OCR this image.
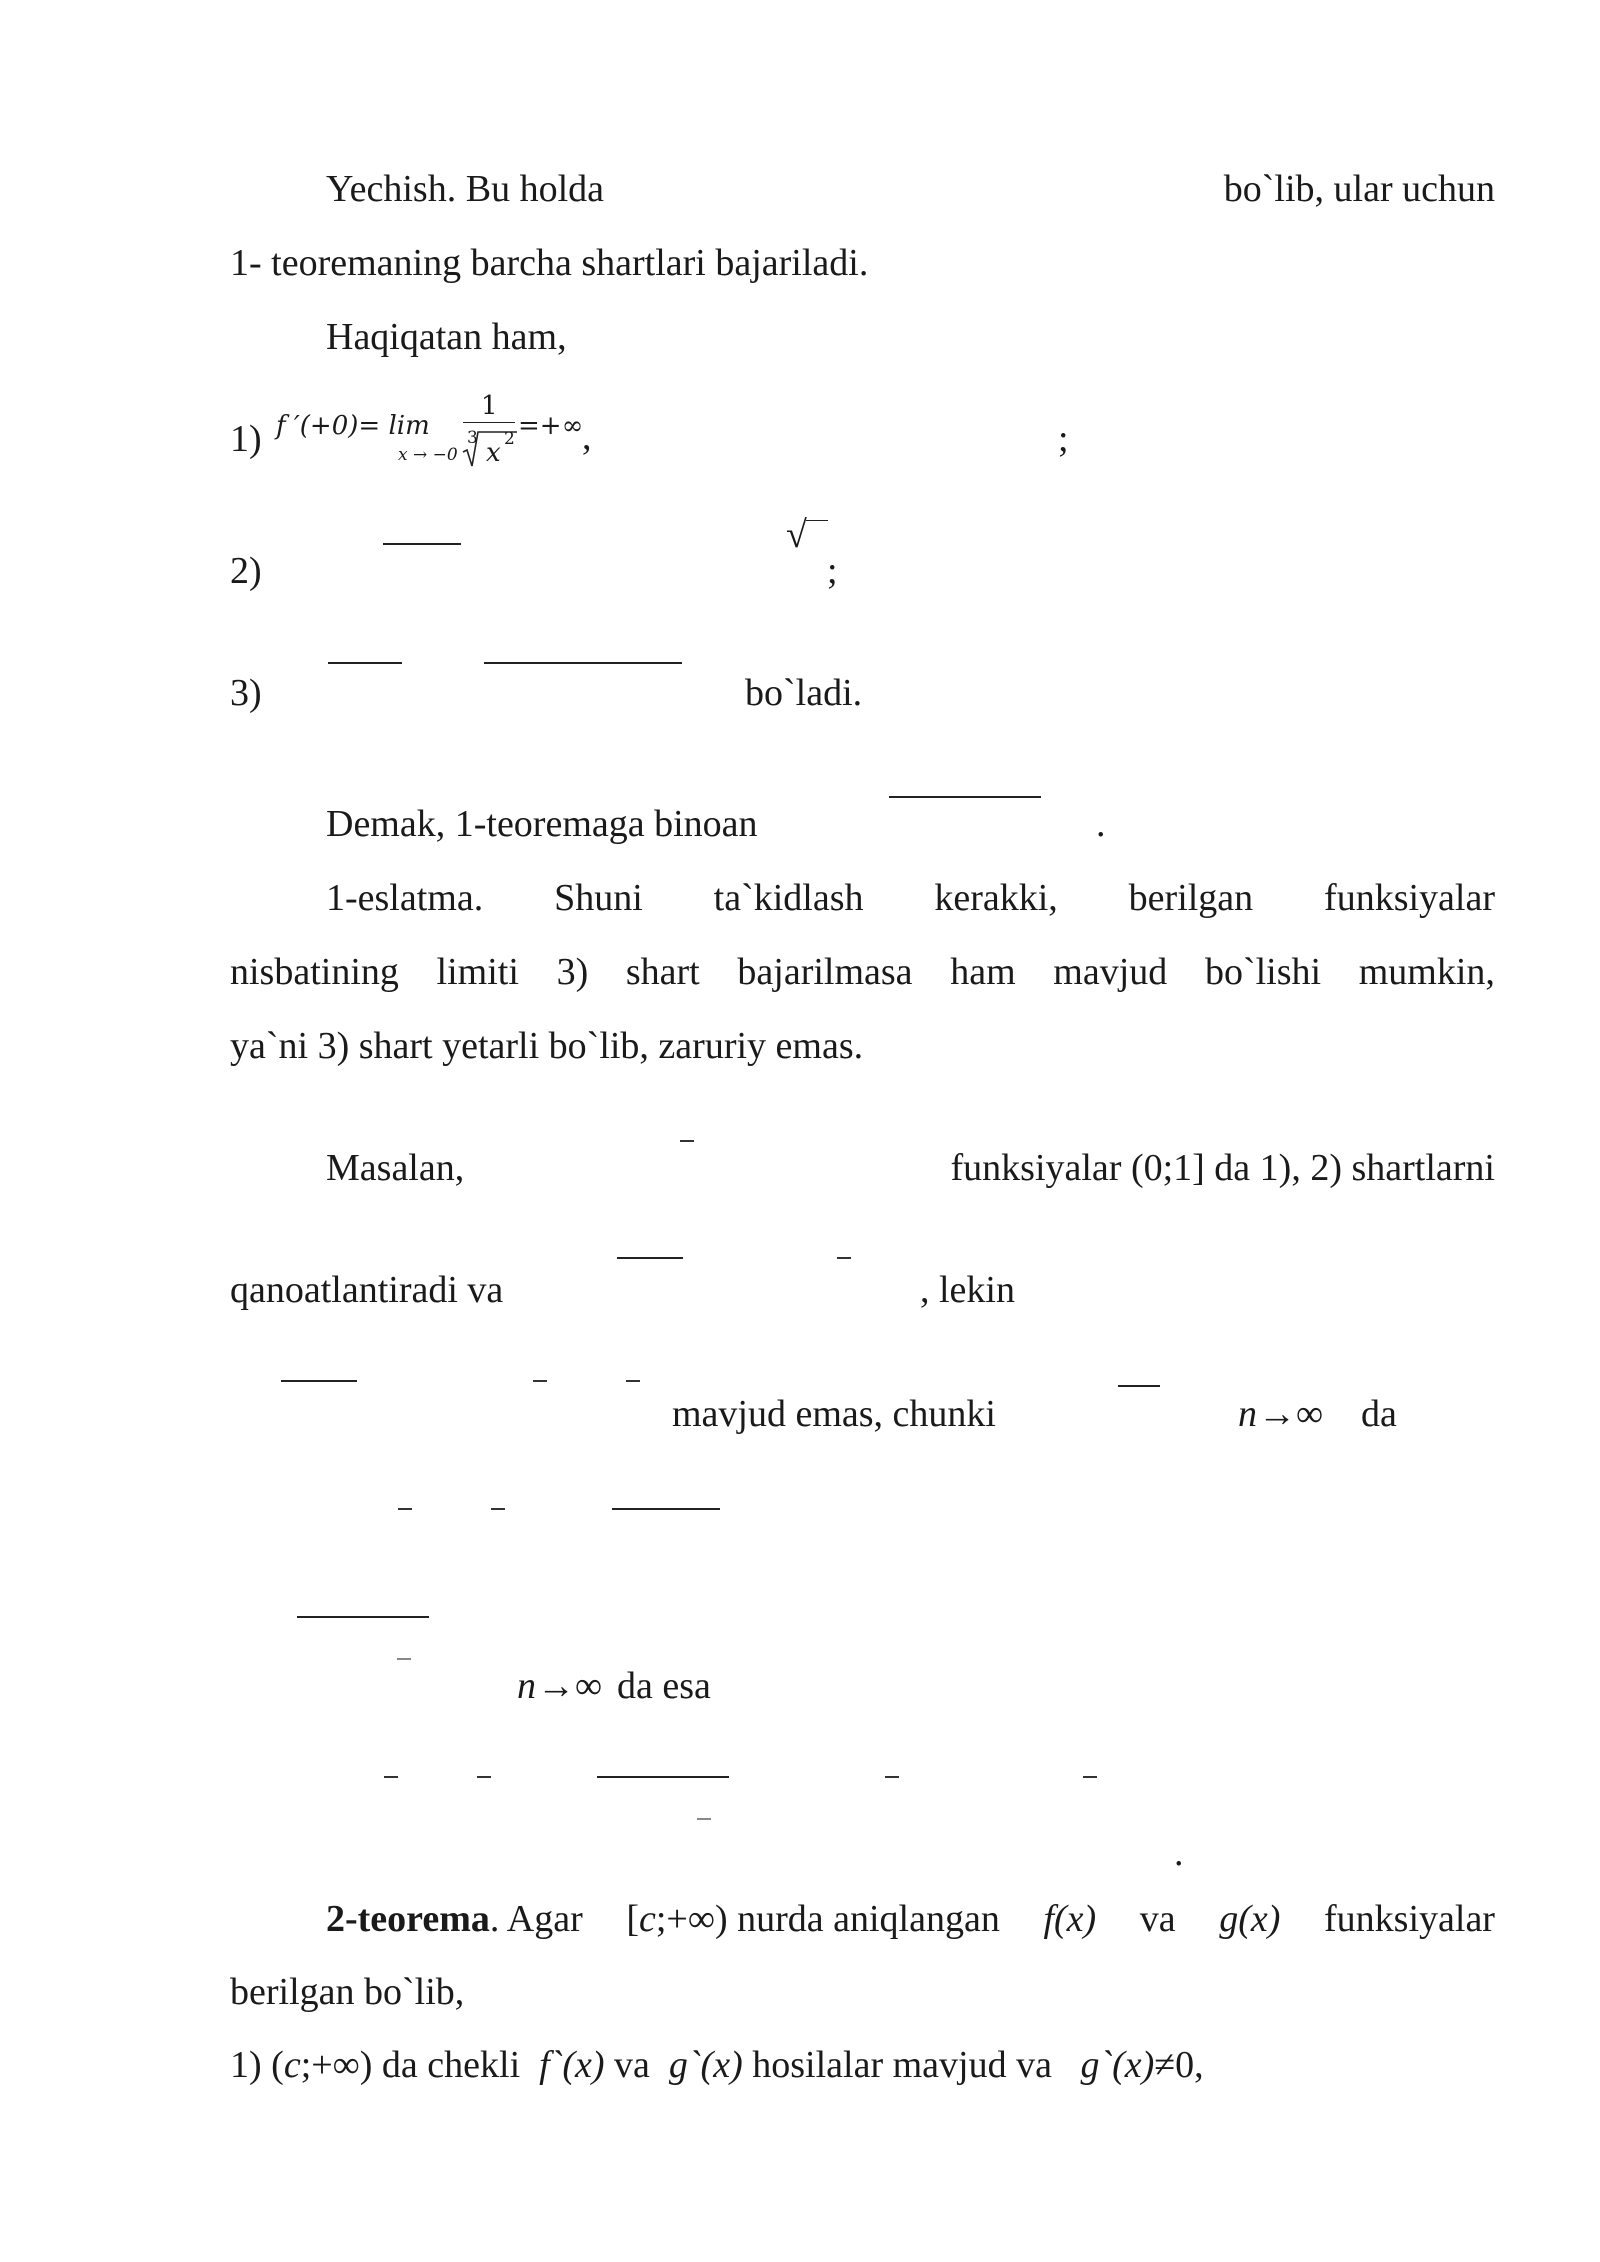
Yechish. Bu holda	bo`lib, ular uchun
1- teoremaning barcha shartlari bajariladi.
Haqiqatan ham,
1) f ′(+0)= lim
x → −0
1
3 x 2 =+∞
,	;
√
2)	;
3)	bo`ladi.
Demak, 1-teoremaga binoan	.
1-eslatma. Shuni ta`kidlash kerakki, berilgan funksiyalar
nisbatining limiti 3) shart bajarilmasa ham mavjud bo`lishi mumkin,
ya`ni 3) shart yetarli bo`lib, zaruriy emas.
Masalan,	funksiyalar (0;1] da 1), 2) shartlarni
qanoatlantiradi va	, lekin
mavjud emas, chunki	n →∞ da
n →∞ da esa
.
2-teorema. Agar [c;+∞) nurda aniqlangan f(x) va g(x) funksiyalar
berilgan bo`lib,
1) (c;+∞) da chekli f`(x) va g`(x) hosilalar mavjud va g`(x)≠0,
